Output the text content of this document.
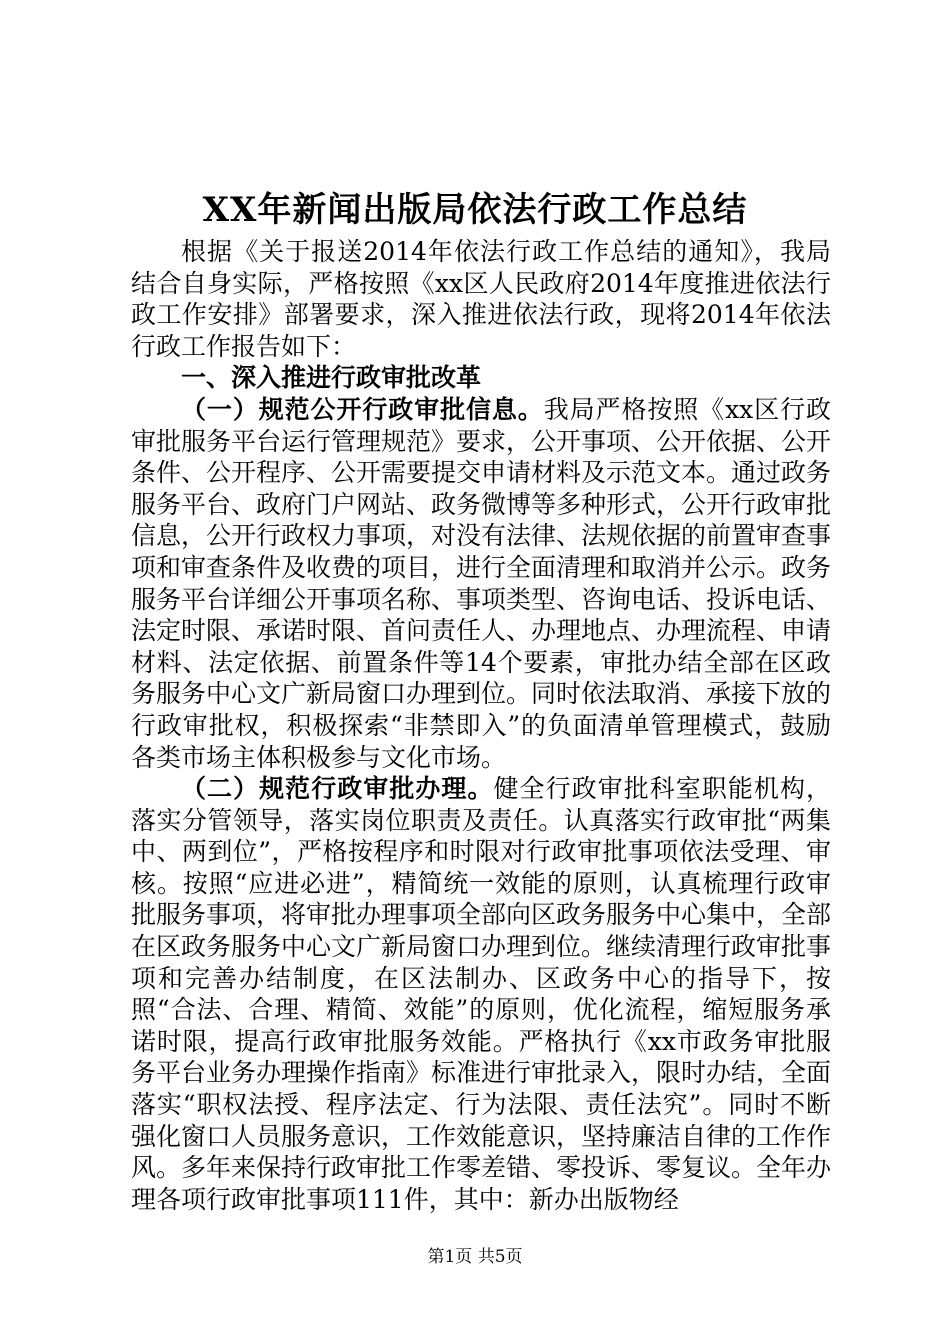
XX年新闻出版局依法行政工作总结

根据《关于报送2014年依法行政工作总结的通知》，我局结合自身实际，严格按照《xx区人民政府2014年度推进依法行政工作安排》部署要求，深入推进依法行政，现将2014年依法行政工作报告如下：

一、深入推进行政审批改革

（一）规范公开行政审批信息。我局严格按照《xx区行政审批服务平台运行管理规范》要求，公开事项、公开依据、公开条件、公开程序、公开需要提交申请材料及示范文本。通过政务服务平台、政府门户网站、政务微博等多种形式，公开行政审批信息，公开行政权力事项，对没有法律、法规依据的前置审查事项和审查条件及收费的项目，进行全面清理和取消并公示。政务服务平台详细公开事项名称、事项类型、咨询电话、投诉电话、法定时限、承诺时限、首问责任人、办理地点、办理流程、申请材料、法定依据、前置条件等14个要素，审批办结全部在区政务服务中心文广新局窗口办理到位。同时依法取消、承接下放的行政审批权，积极探索“非禁即入”的负面清单管理模式，鼓励各类市场主体积极参与文化市场。

（二）规范行政审批办理。健全行政审批科室职能机构，落实分管领导，落实岗位职责及责任。认真落实行政审批“两集中、两到位”，严格按程序和时限对行政审批事项依法受理、审核。按照“应进必进”，精简统一效能的原则，认真梳理行政审批服务事项，将审批办理事项全部向区政务服务中心集中，全部在区政务服务中心文广新局窗口办理到位。继续清理行政审批事项和完善办结制度，在区法制办、区政务中心的指导下，按照“合法、合理、精简、效能”的原则，优化流程，缩短服务承诺时限，提高行政审批服务效能。严格执行《xx市政务审批服务平台业务办理操作指南》标准进行审批录入，限时办结，全面落实“职权法授、程序法定、行为法限、责任法究”。同时不断强化窗口人员服务意识，工作效能意识，坚持廉洁自律的工作作风。多年来保持行政审批工作零差错、零投诉、零复议。全年办理各项行政审批事项111件，其中：新办出版物经

第1页 共5页
